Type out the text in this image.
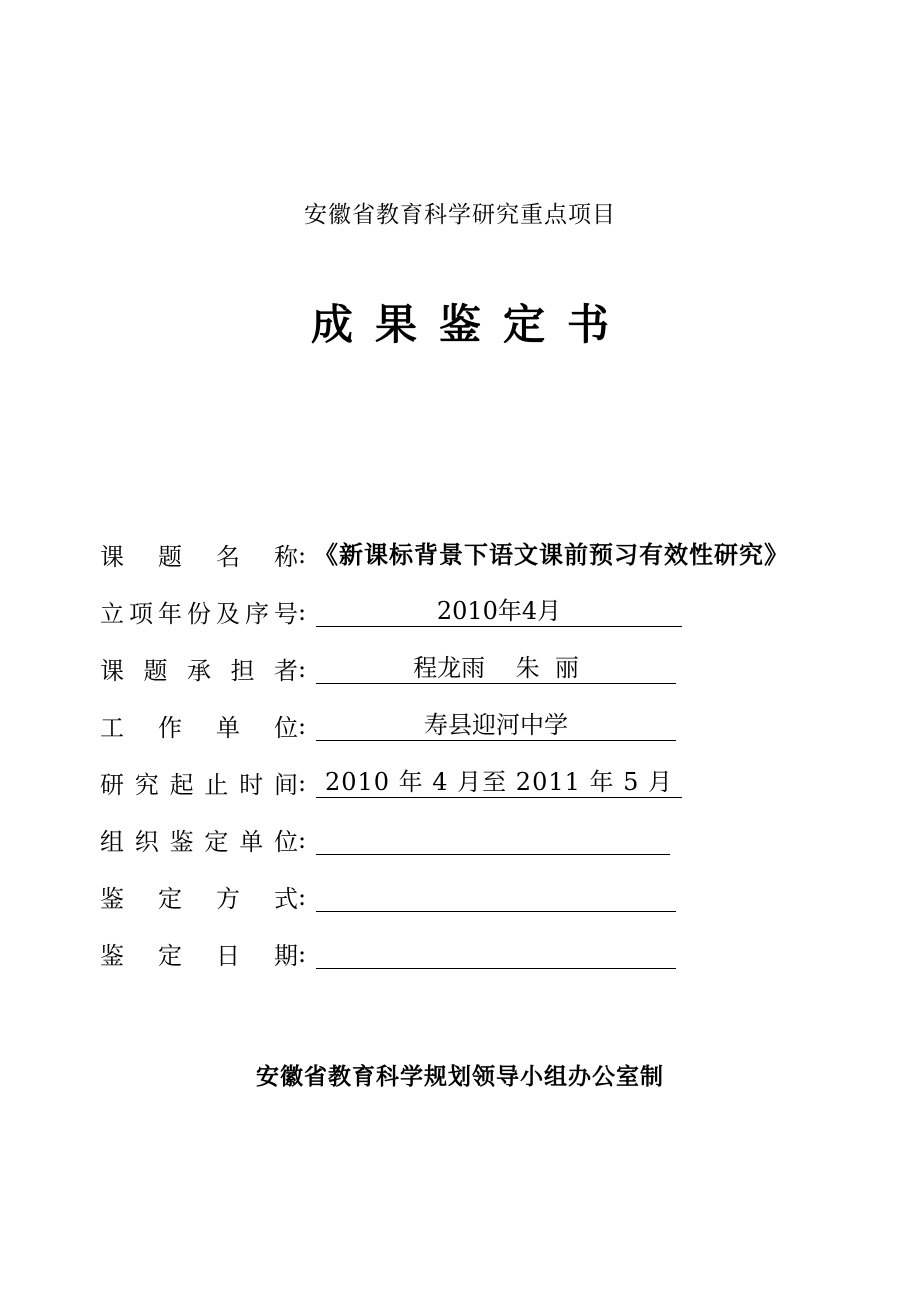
安徽省教育科学研究重点项目
成果鉴定书
课 题 名 称 : 《新课标背景下语文课前预习有效性研究》
立 项 年 份 及 序 号 :	2010年4月
课 题 承 担 者 :	程龙雨    朱  丽
工 作 单 位 :	寿县迎河中学
研 究 起 止 时 间 : 2010 年 4 月至 2011 年 5 月
组 织 鉴 定 单 位 :
鉴 定 方 式 :
鉴 定 日 期 :
安徽省教育科学规划领导小组办公室制
